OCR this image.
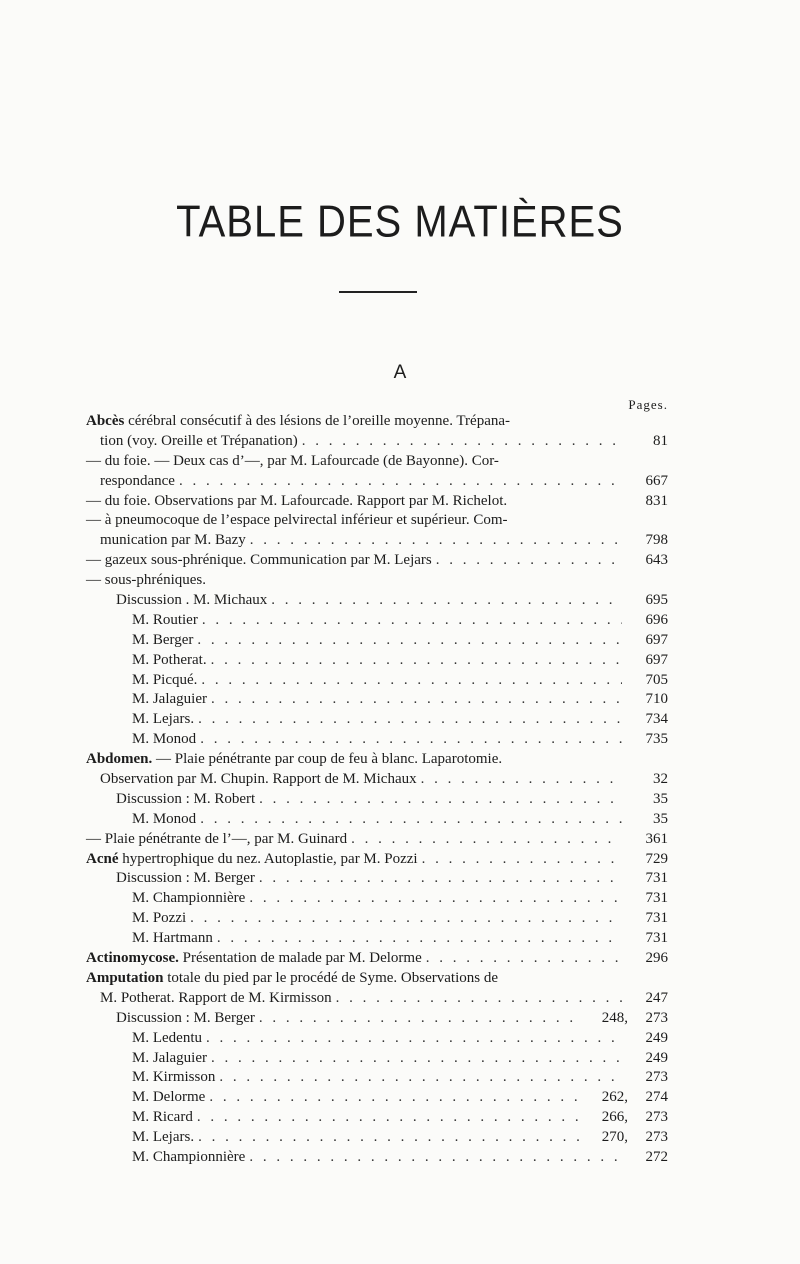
TABLE DES MATIÈRES
A
Pages.
Abcès cérébral consécutif à des lésions de l’oreille moyenne. Trépana-
tion (voy. Oreille et Trépanation) . . .	81
— du foie. — Deux cas d’—, par M. Lafourcade (de Bayonne). Cor-
respondance . . .	667
— du foie. Observations par M. Lafourcade. Rapport par M. Richelot.	831
— à pneumocoque de l’espace pelvirectal inférieur et supérieur. Com-
munication par M. Bazy . . .	798
— gazeux sous-phrénique. Communication par M. Lejars . . .	643
— sous-phréniques.
Discussion . M. Michaux . . .	695
M. Routier . . .	696
M. Berger . . .	697
M. Potherat. . . .	697
M. Picqué. . . .	705
M. Jalaguier . . .	710
M. Lejars. . . .	734
M. Monod . . .	735
Abdomen. — Plaie pénétrante par coup de feu à blanc. Laparotomie.
Observation par M. Chupin. Rapport de M. Michaux . . .	32
Discussion : M. Robert . . .	35
M. Monod . . .	35
— Plaie pénétrante de l’—, par M. Guinard . . .	361
Acné hypertrophique du nez. Autoplastie, par M. Pozzi . . .	729
Discussion : M. Berger . . .	731
M. Championnière . . .	731
M. Pozzi . . .	731
M. Hartmann . . .	731
Actinomycose. Présentation de malade par M. Delorme . . .	296
Amputation totale du pied par le procédé de Syme. Observations de
M. Potherat. Rapport de M. Kirmisson . . .	247
Discussion : M. Berger . . .	248,	273
M. Ledentu . . .	249
M. Jalaguier . . .	249
M. Kirmisson . . .	273
M. Delorme . . .	262,	274
M. Ricard . . .	266,	273
M. Lejars. . . .	270,	273
M. Championnière . . .	272
